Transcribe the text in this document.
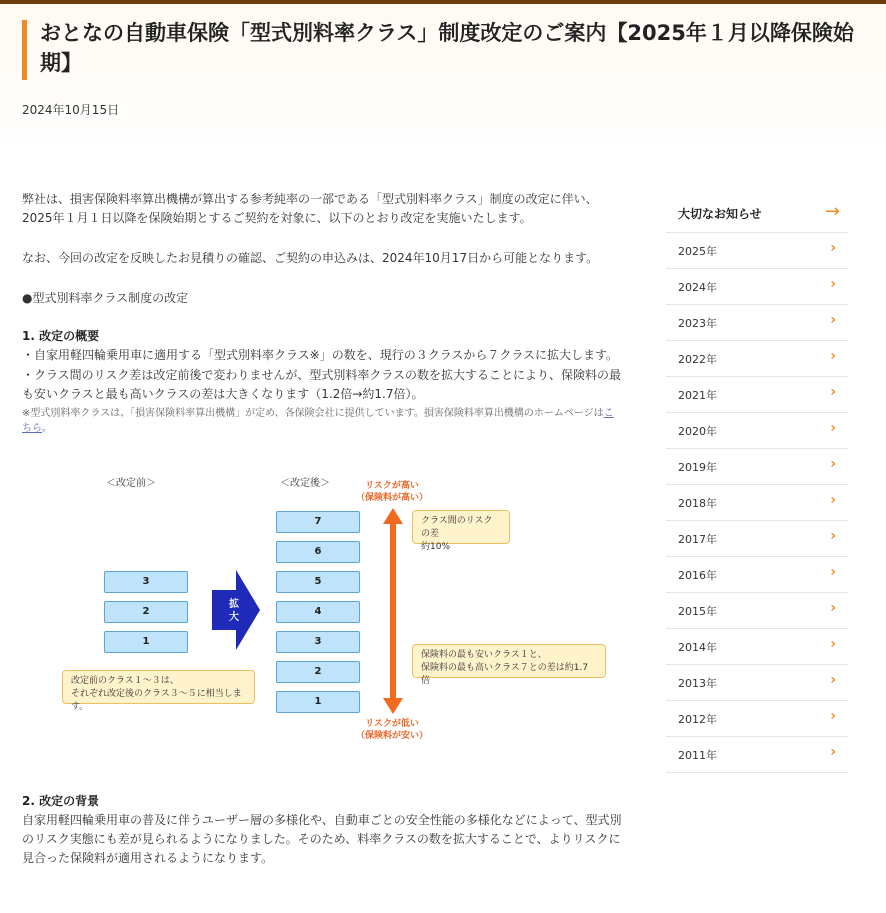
おとなの自動車保険「型式別料率クラス」制度改定のご案内【2025年１月以降保険始期】
2024年10月15日

弊社は、損害保険料率算出機構が算出する参考純率の一部である「型式別料率クラス」制度の改定に伴い、2025年１月１日以降を保険始期とするご契約を対象に、以下のとおり改定を実施いたします。

なお、今回の改定を反映したお見積りの確認、ご契約の申込みは、2024年10月17日から可能となります。

●型式別料率クラス制度の改定

1. 改定の概要

・自家用軽四輪乗用車に適用する「型式別料率クラス※」の数を、現行の３クラスから７クラスに拡大します。

・クラス間のリスク差は改定前後で変わりませんが、型式別料率クラスの数を拡大することにより、保険料の最も安いクラスと最も高いクラスの差は大きくなります（1.2倍→約1.7倍）。

※型式別料率クラスは、「損害保険料率算出機構」が定め、各保険会社に提供しています。損害保険料率算出機構のホームページはこちら。

＜改定前＞	＜改定後＞
3
2
1
7
6
5
4
3
2
1
拡
大
リスクが高い
（保険料が高い）
リスクが低い
（保険料が安い）
クラス間のリスクの差
約10%
保険料の最も安いクラス１と、
保険料の最も高いクラス７との差は約1.7倍
改定前のクラス１～３は、
それぞれ改定後のクラス３～５に相当します。

2. 改定の背景

自家用軽四輪乗用車の普及に伴うユーザー層の多様化や、自動車ごとの安全性能の多様化などによって、型式別のリスク実態にも差が見られるようになりました。そのため、料率クラスの数を拡大することで、よりリスクに見合った保険料が適用されるようになります。

大切なお知らせ	→
2025年	›
2024年	›
2023年	›
2022年	›
2021年	›
2020年	›
2019年	›
2018年	›
2017年	›
2016年	›
2015年	›
2014年	›
2013年	›
2012年	›
2011年	›
